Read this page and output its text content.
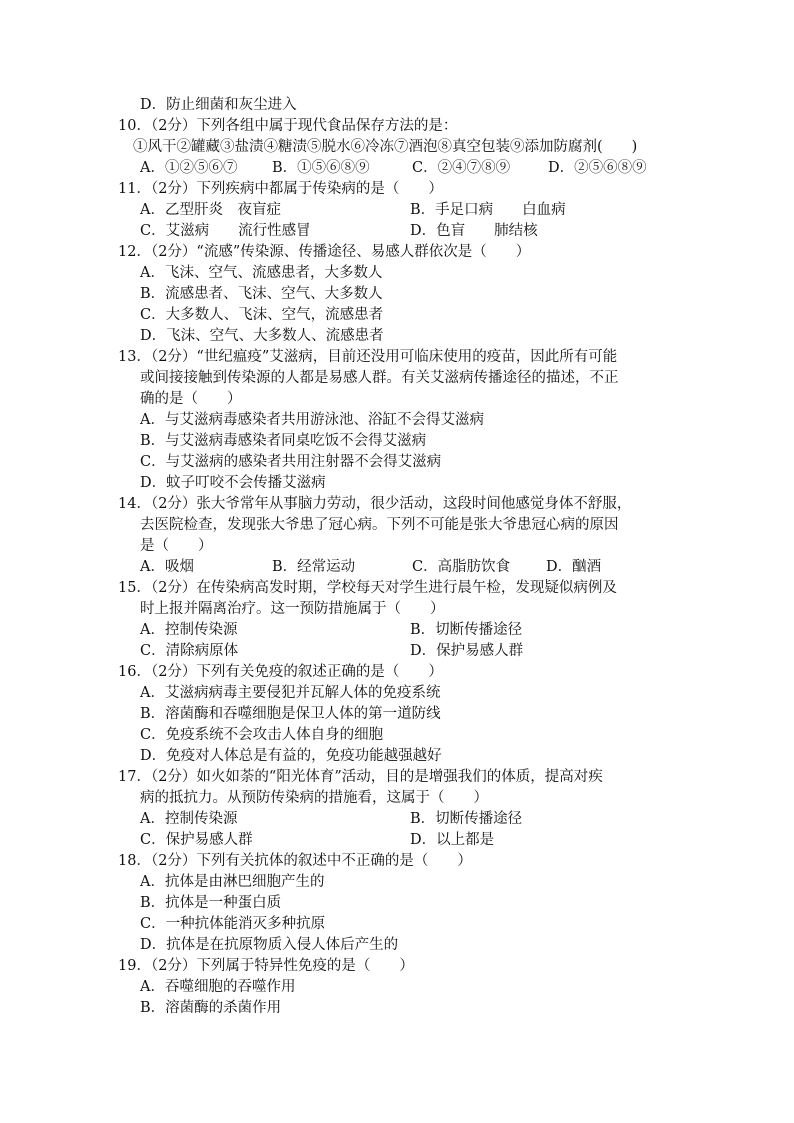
D．防止细菌和灰尘进入
10．（2分）下列各组中属于现代食品保存方法的是：
①风干②罐藏③盐渍④糖渍⑤脱水⑥冷冻⑦酒泡⑧真空包装⑨添加防腐剂(　　)
A．①②⑤⑥⑦ B．①⑤⑥⑧⑨	C．②④⑦⑧⑨	D．②⑤⑥⑧⑨
11．（2分）下列疾病中都属于传染病的是（　　）
A．乙型肝炎　夜盲症	B．手足口病　　白血病
C．艾滋病　　流行性感冒	D．色盲　　肺结核
12．（2分）“流感”传染源、传播途径、易感人群依次是（　　）
A．飞沫、空气、流感患者，大多数人
B．流感患者、飞沫、空气、大多数人
C．大多数人、飞沫、空气，流感患者
D．飞沫、空气、大多数人、流感患者
13．（2分）“世纪瘟疫”艾滋病，目前还没用可临床使用的疫苗，因此所有可能
或间接接触到传染源的人都是易感人群。有关艾滋病传播途径的描述，不正
确的是（　　）
A．与艾滋病毒感染者共用游泳池、浴缸不会得艾滋病
B．与艾滋病毒感染者同桌吃饭不会得艾滋病
C．与艾滋病的感染者共用注射器不会得艾滋病
D．蚊子叮咬不会传播艾滋病
14．（2分）张大爷常年从事脑力劳动，很少活动，这段时间他感觉身体不舒服，
去医院检查，发现张大爷患了冠心病。下列不可能是张大爷患冠心病的原因
是（　　）
A．吸烟	B．经常运动	C．高脂肪饮食 D．酗酒
15．（2分）在传染病高发时期，学校每天对学生进行晨午检，发现疑似病例及
时上报并隔离治疗。这一预防措施属于（　　）
A．控制传染源	B．切断传播途径
C．清除病原体	D．保护易感人群
16．（2分）下列有关免疫的叙述正确的是（　　）
A．艾滋病病毒主要侵犯并瓦解人体的免疫系统
B．溶菌酶和吞噬细胞是保卫人体的第一道防线
C．免疫系统不会攻击人体自身的细胞
D．免疫对人体总是有益的，免疫功能越强越好
17．（2分）如火如荼的“阳光体育”活动，目的是增强我们的体质，提高对疾
病的抵抗力。从预防传染病的措施看，这属于（　　）
A．控制传染源	B．切断传播途径
C．保护易感人群	D．以上都是
18．（2分）下列有关抗体的叙述中不正确的是（　　）
A．抗体是由淋巴细胞产生的
B．抗体是一种蛋白质
C．一种抗体能消灭多种抗原
D．抗体是在抗原物质入侵人体后产生的
19．（2分）下列属于特异性免疫的是（　　）
A．吞噬细胞的吞噬作用
B．溶菌酶的杀菌作用
